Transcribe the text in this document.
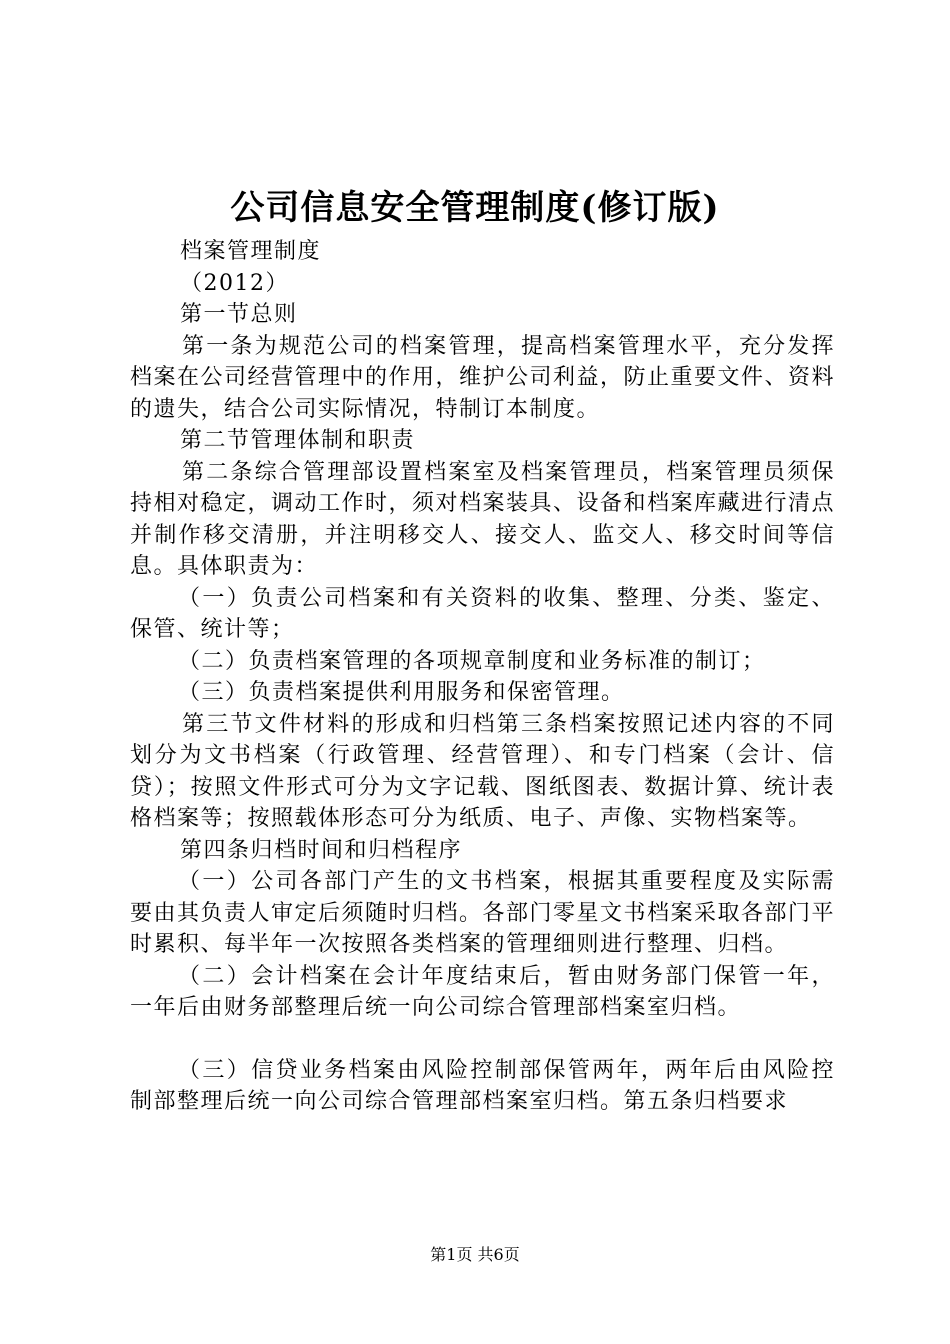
公司信息安全管理制度(修订版)

档案管理制度

（2012）

第一节总则

第一条为规范公司的档案管理，提高档案管理水平，充分发挥档案在公司经营管理中的作用，维护公司利益，防止重要文件、资料的遗失，结合公司实际情况，特制订本制度。

第二节管理体制和职责

第二条综合管理部设置档案室及档案管理员，档案管理员须保持相对稳定，调动工作时，须对档案装具、设备和档案库藏进行清点并制作移交清册，并注明移交人、接交人、监交人、移交时间等信息。具体职责为：

（一）负责公司档案和有关资料的收集、整理、分类、鉴定、保管、统计等；

（二）负责档案管理的各项规章制度和业务标准的制订；

（三）负责档案提供利用服务和保密管理。

第三节文件材料的形成和归档第三条档案按照记述内容的不同划分为文书档案（行政管理、经营管理）、和专门档案（会计、信贷）；按照文件形式可分为文字记载、图纸图表、数据计算、统计表格档案等；按照载体形态可分为纸质、电子、声像、实物档案等。

第四条归档时间和归档程序

（一）公司各部门产生的文书档案，根据其重要程度及实际需要由其负责人审定后须随时归档。各部门零星文书档案采取各部门平时累积、每半年一次按照各类档案的管理细则进行整理、归档。

（二）会计档案在会计年度结束后，暂由财务部门保管一年，一年后由财务部整理后统一向公司综合管理部档案室归档。

（三）信贷业务档案由风险控制部保管两年，两年后由风险控制部整理后统一向公司综合管理部档案室归档。第五条归档要求

第1页 共6页
